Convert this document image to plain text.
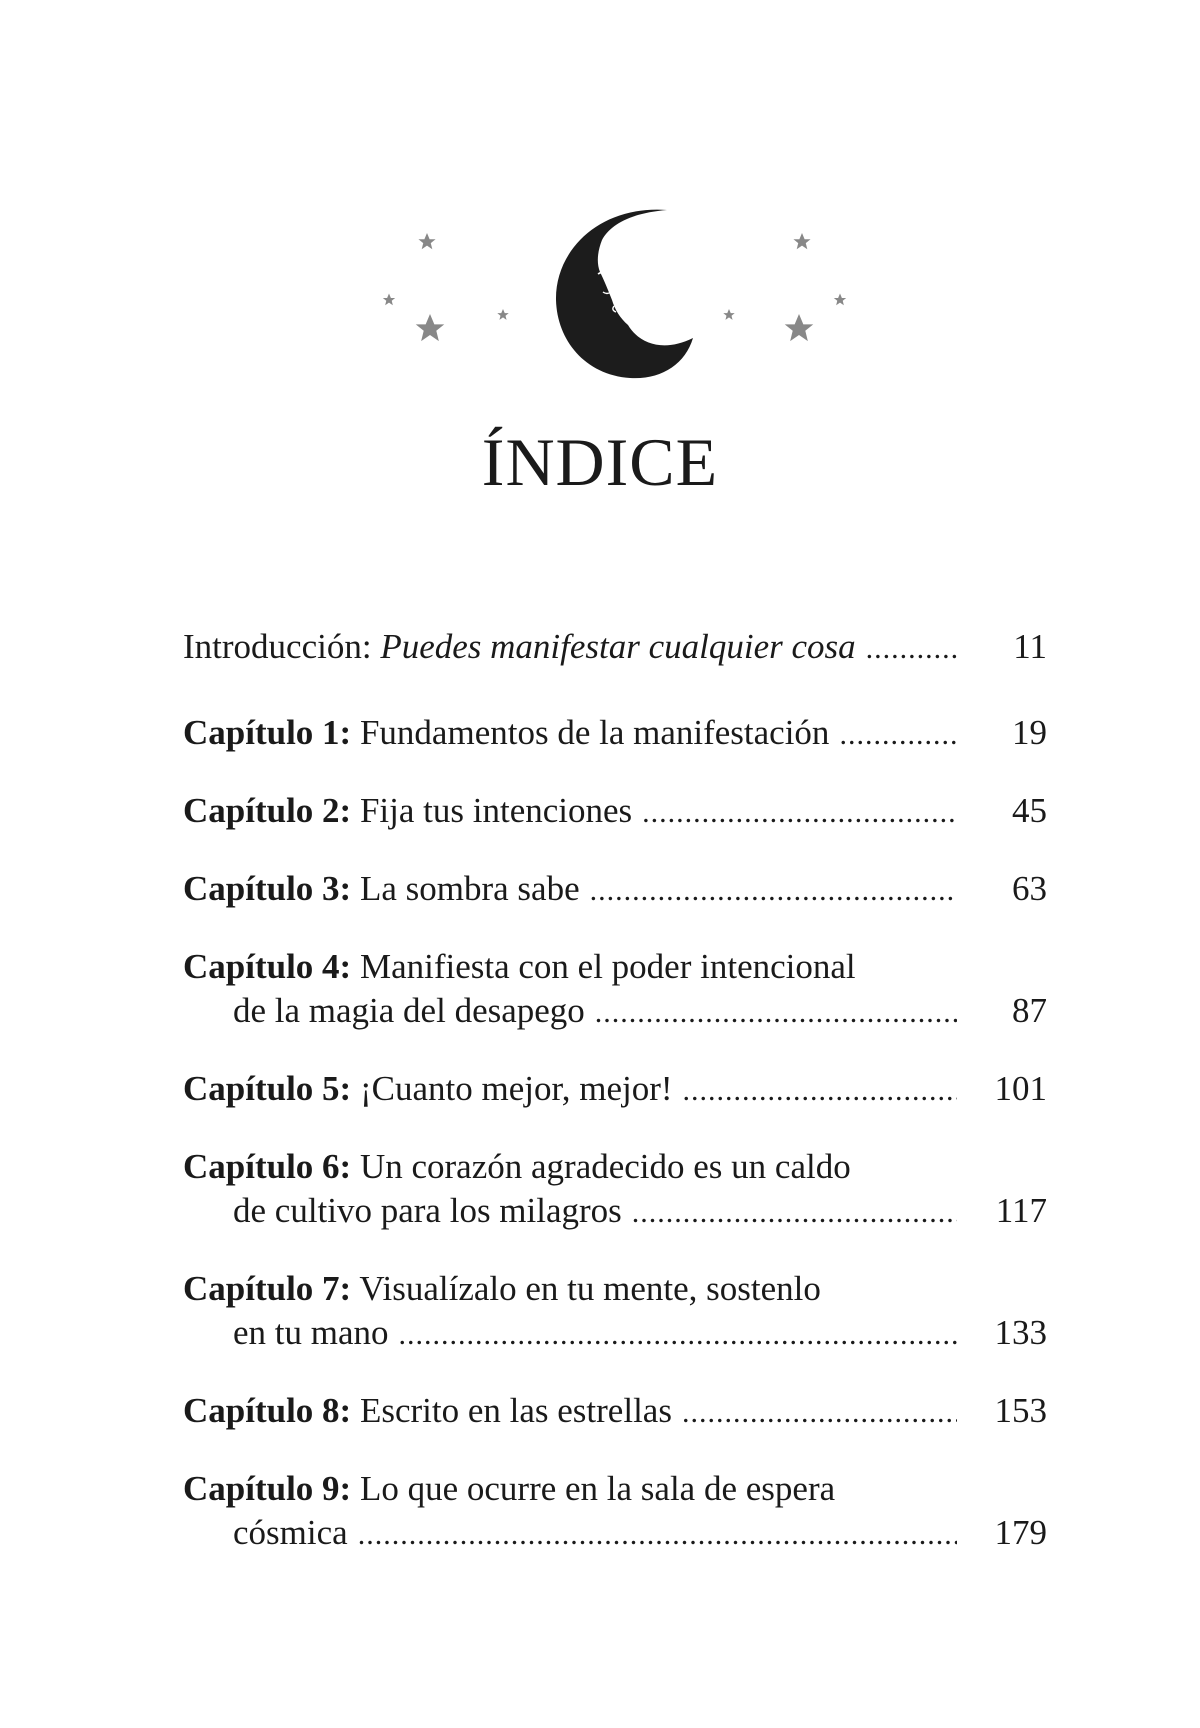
ÍNDICE
Introducción: Puedes manifestar cualquier cosa .....	11
Capítulo 1: Fundamentos de la manifestación .....	19
Capítulo 2: Fija tus intenciones .....	45
Capítulo 3: La sombra sabe .....	63
Capítulo 4: Manifiesta con el poder intencional
de la magia del desapego .....	87
Capítulo 5: ¡Cuanto mejor, mejor! .....	101
Capítulo 6: Un corazón agradecido es un caldo
de cultivo para los milagros .....	117
Capítulo 7: Visualízalo en tu mente, sostenlo
en tu mano .....	133
Capítulo 8: Escrito en las estrellas .....	153
Capítulo 9: Lo que ocurre en la sala de espera
cósmica .....	179
